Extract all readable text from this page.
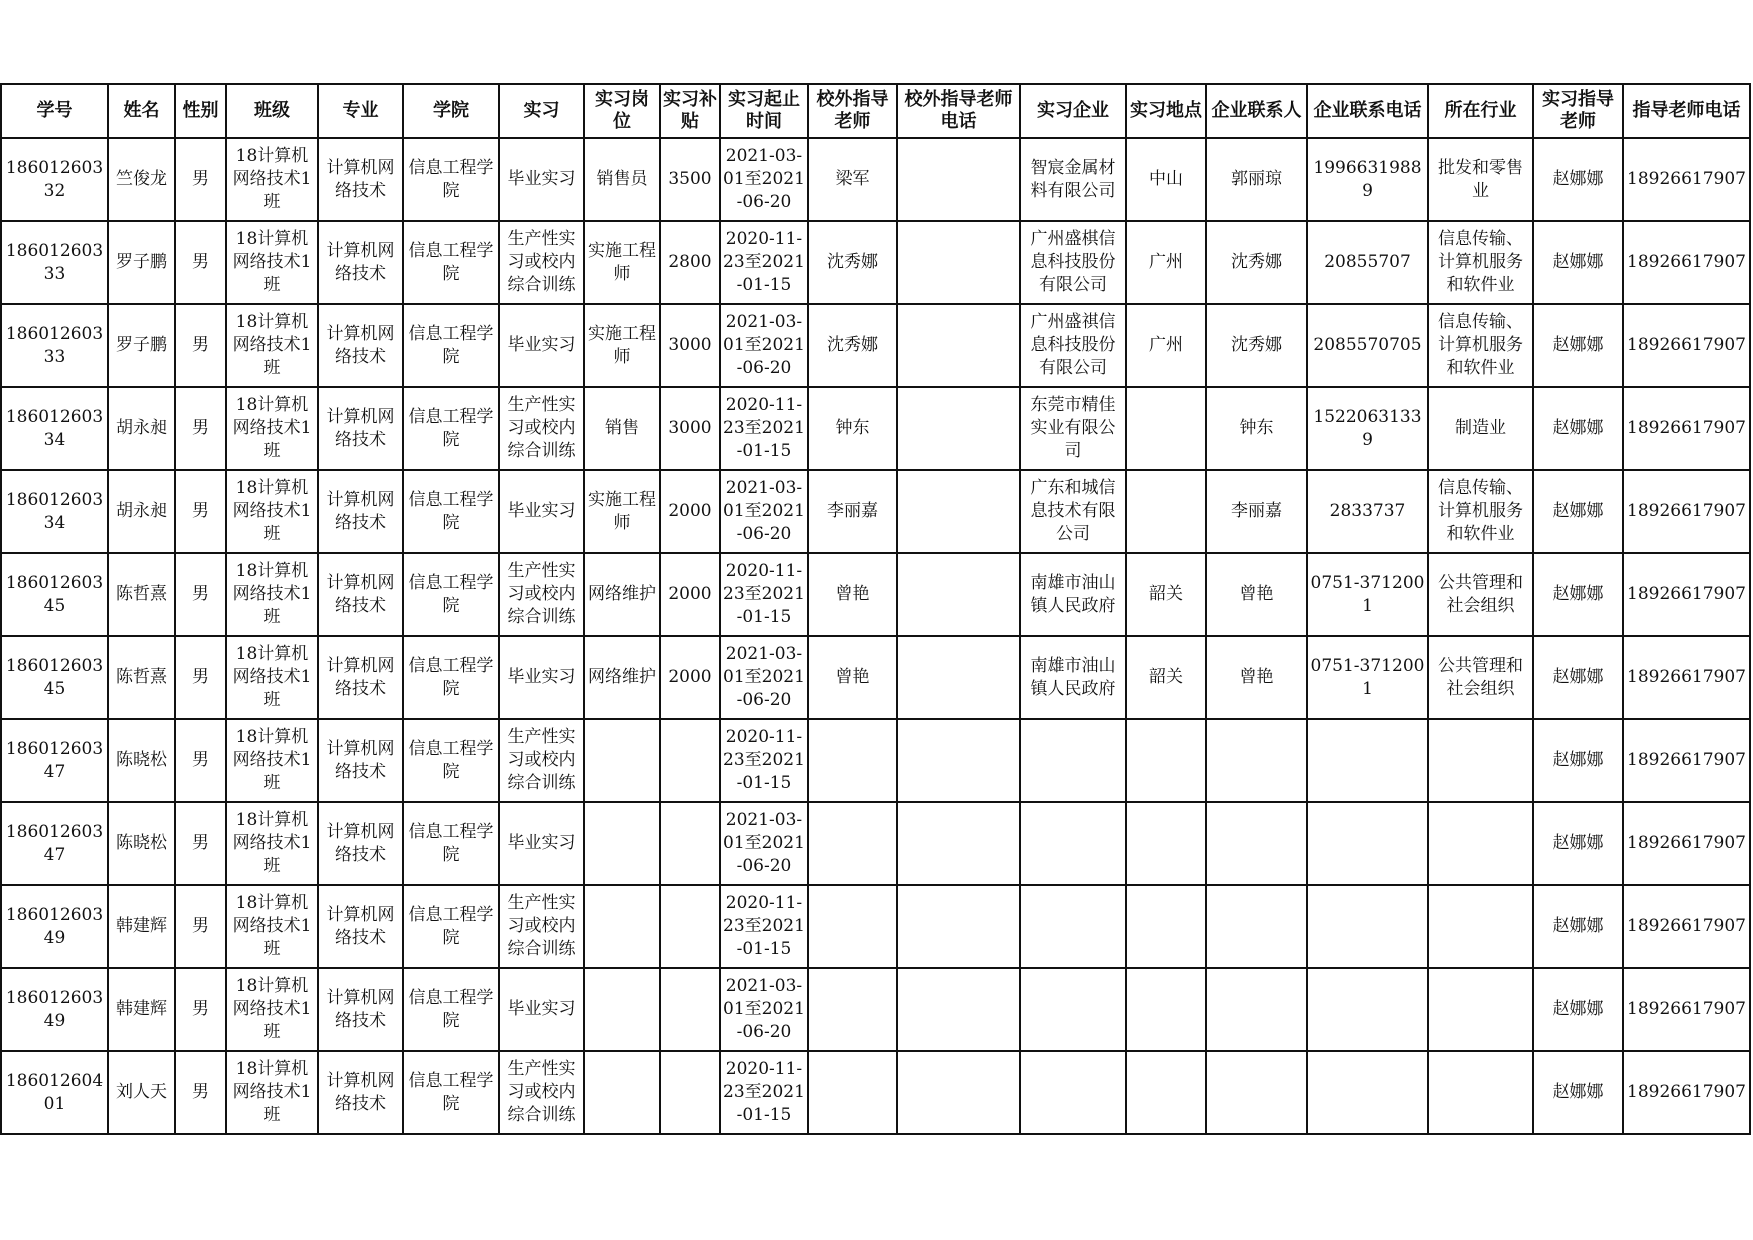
学号	姓名	性别	班级	专业	学院	实习	实习岗位	实习补贴	实习起止时间	校外指导老师	校外指导老师电话	实习企业	实习地点	企业联系人	企业联系电话	所在行业	实习指导老师	指导老师电话

18601260332	竺俊龙	男	18计算机网络技术1班	计算机网络技术	信息工程学院	毕业实习	销售员	3500	2021-03-01至2021-06-20	梁军		智宸金属材料有限公司	中山	郭丽琼	19966319889	批发和零售业	赵娜娜	18926617907

18601260333	罗子鹏	男	18计算机网络技术1班	计算机网络技术	信息工程学院	生产性实习或校内综合训练	实施工程师	2800	2020-11-23至2021-01-15	沈秀娜		广州盛棋信息科技股份有限公司	广州	沈秀娜	20855707	信息传输、计算机服务和软件业	赵娜娜	18926617907

18601260333	罗子鹏	男	18计算机网络技术1班	计算机网络技术	信息工程学院	毕业实习	实施工程师	3000	2021-03-01至2021-06-20	沈秀娜		广州盛祺信息科技股份有限公司	广州	沈秀娜	2085570705	信息传输、计算机服务和软件业	赵娜娜	18926617907

18601260334	胡永昶	男	18计算机网络技术1班	计算机网络技术	信息工程学院	生产性实习或校内综合训练	销售	3000	2020-11-23至2021-01-15	钟东		东莞市精佳实业有限公司		钟东	15220631339	制造业	赵娜娜	18926617907

18601260334	胡永昶	男	18计算机网络技术1班	计算机网络技术	信息工程学院	毕业实习	实施工程师	2000	2021-03-01至2021-06-20	李丽嘉		广东和城信息技术有限公司		李丽嘉	2833737	信息传输、计算机服务和软件业	赵娜娜	18926617907

18601260345	陈哲熹	男	18计算机网络技术1班	计算机网络技术	信息工程学院	生产性实习或校内综合训练	网络维护	2000	2020-11-23至2021-01-15	曾艳		南雄市油山镇人民政府	韶关	曾艳	0751-3712001	公共管理和社会组织	赵娜娜	18926617907

18601260345	陈哲熹	男	18计算机网络技术1班	计算机网络技术	信息工程学院	毕业实习	网络维护	2000	2021-03-01至2021-06-20	曾艳		南雄市油山镇人民政府	韶关	曾艳	0751-3712001	公共管理和社会组织	赵娜娜	18926617907

18601260347	陈晓松	男	18计算机网络技术1班	计算机网络技术	信息工程学院	生产性实习或校内综合训练			2020-11-23至2021-01-15								赵娜娜	18926617907

18601260347	陈晓松	男	18计算机网络技术1班	计算机网络技术	信息工程学院	毕业实习			2021-03-01至2021-06-20								赵娜娜	18926617907

18601260349	韩建辉	男	18计算机网络技术1班	计算机网络技术	信息工程学院	生产性实习或校内综合训练			2020-11-23至2021-01-15								赵娜娜	18926617907

18601260349	韩建辉	男	18计算机网络技术1班	计算机网络技术	信息工程学院	毕业实习			2021-03-01至2021-06-20								赵娜娜	18926617907

18601260401	刘人天	男	18计算机网络技术1班	计算机网络技术	信息工程学院	生产性实习或校内综合训练			2020-11-23至2021-01-15								赵娜娜	18926617907
